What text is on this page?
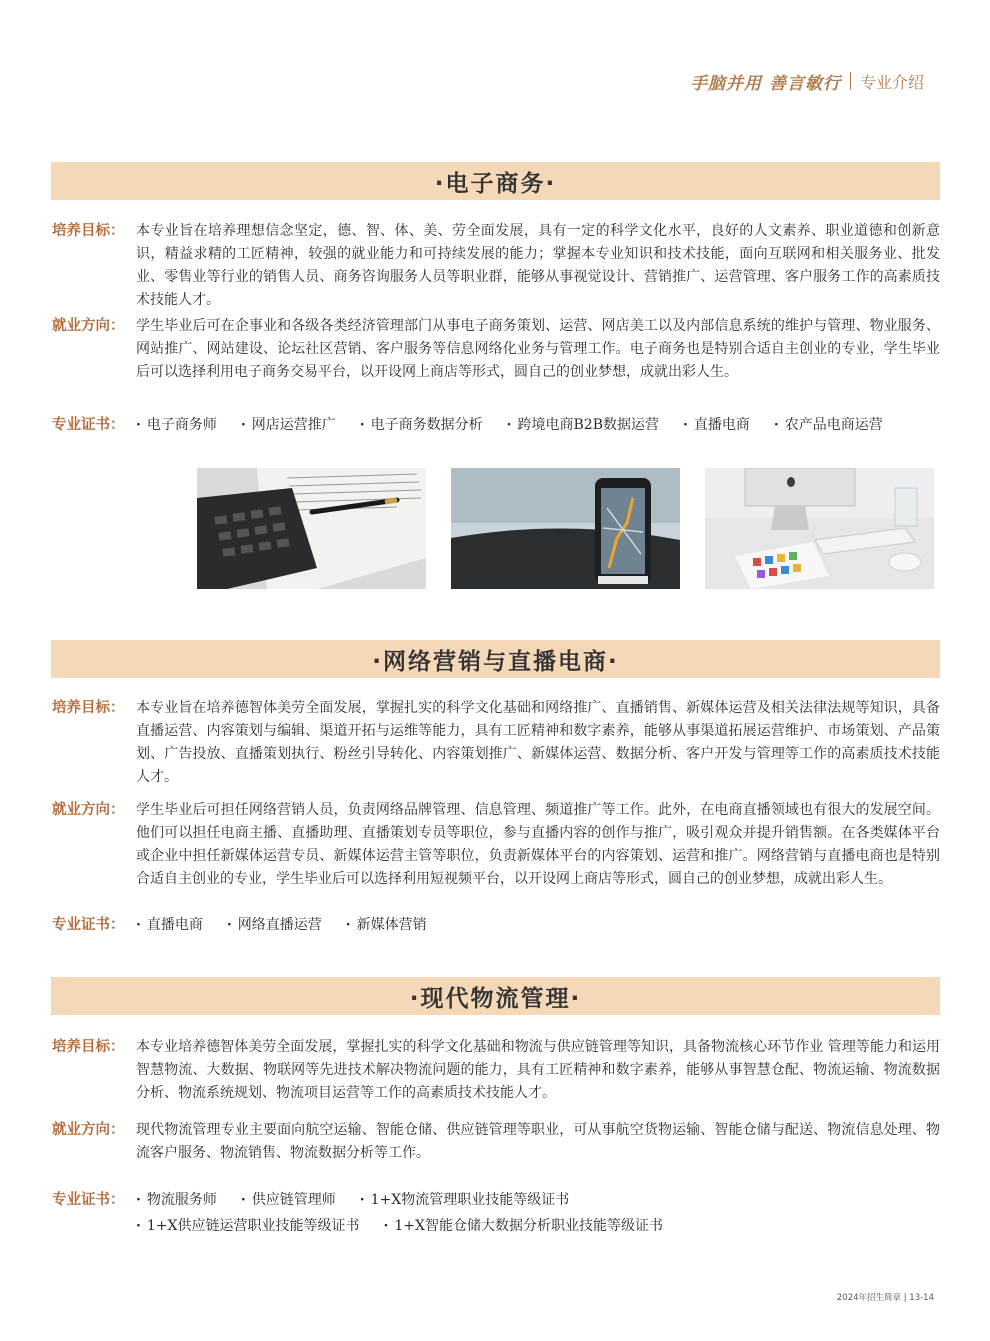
手脑并用 善言敏行 专业介绍
·电子商务·
培养目标： 本专业旨在培养理想信念坚定，德、智、体、美、劳全面发展，具有一定的科学文化水平，良好的人文素养、职业道德和创新意识，精益求精的工匠精神，较强的就业能力和可持续发展的能力；掌握本专业知识和技术技能，面向互联网和相关服务业、批发业、零售业等行业的销售人员、商务咨询服务人员等职业群，能够从事视觉设计、营销推广、运营管理、客户服务工作的高素质技术技能人才。
就业方向： 学生毕业后可在企事业和各级各类经济管理部门从事电子商务策划、运营、网店美工以及内部信息系统的维护与管理、物业服务、网站推广、网站建设、论坛社区营销、客户服务等信息网络化业务与管理工作。电子商务也是特别合适自主创业的专业，学生毕业后可以选择利用电子商务交易平台，以开设网上商店等形式，圆自己的创业梦想，成就出彩人生。
专业证书：	· 电子商务师	· 网店运营推广	· 电子商务数据分析	· 跨境电商B2B数据运营	· 直播电商	· 农产品电商运营
·网络营销与直播电商·
培养目标： 本专业旨在培养德智体美劳全面发展，掌握扎实的科学文化基础和网络推广、直播销售、新媒体运营及相关法律法规等知识，具备直播运营、内容策划与编辑、渠道开拓与运维等能力，具有工匠精神和数字素养，能够从事渠道拓展运营维护、市场策划、产品策划、广告投放、直播策划执行、粉丝引导转化、内容策划推广、新媒体运营、数据分析、客户开发与管理等工作的高素质技术技能人才。
就业方向： 学生毕业后可担任网络营销人员，负责网络品牌管理、信息管理、频道推广等工作。此外，在电商直播领域也有很大的发展空间。他们可以担任电商主播、直播助理、直播策划专员等职位，参与直播内容的创作与推广，吸引观众并提升销售额。在各类媒体平台或企业中担任新媒体运营专员、新媒体运营主管等职位，负责新媒体平台的内容策划、运营和推广。网络营销与直播电商也是特别合适自主创业的专业，学生毕业后可以选择利用短视频平台，以开设网上商店等形式，圆自己的创业梦想，成就出彩人生。
专业证书：	· 直播电商	· 网络直播运营	· 新媒体营销
·现代物流管理·
培养目标： 本专业培养德智体美劳全面发展，掌握扎实的科学文化基础和物流与供应链管理等知识，具备物流核心环节作业 管理等能力和运用智慧物流、大数据、物联网等先进技术解决物流问题的能力，具有工匠精神和数字素养，能够从事智慧仓配、物流运输、物流数据分析、物流系统规划、物流项目运营等工作的高素质技术技能人才。
就业方向： 现代物流管理专业主要面向航空运输、智能仓储、供应链管理等职业，可从事航空货物运输、智能仓储与配送、物流信息处理、物流客户服务、物流销售、物流数据分析等工作。
专业证书：	· 物流服务师	· 供应链管理师	· 1+X物流管理职业技能等级证书
· 1+X供应链运营职业技能等级证书	· 1+X智能仓储大数据分析职业技能等级证书
2024年招生简章 | 13-14
